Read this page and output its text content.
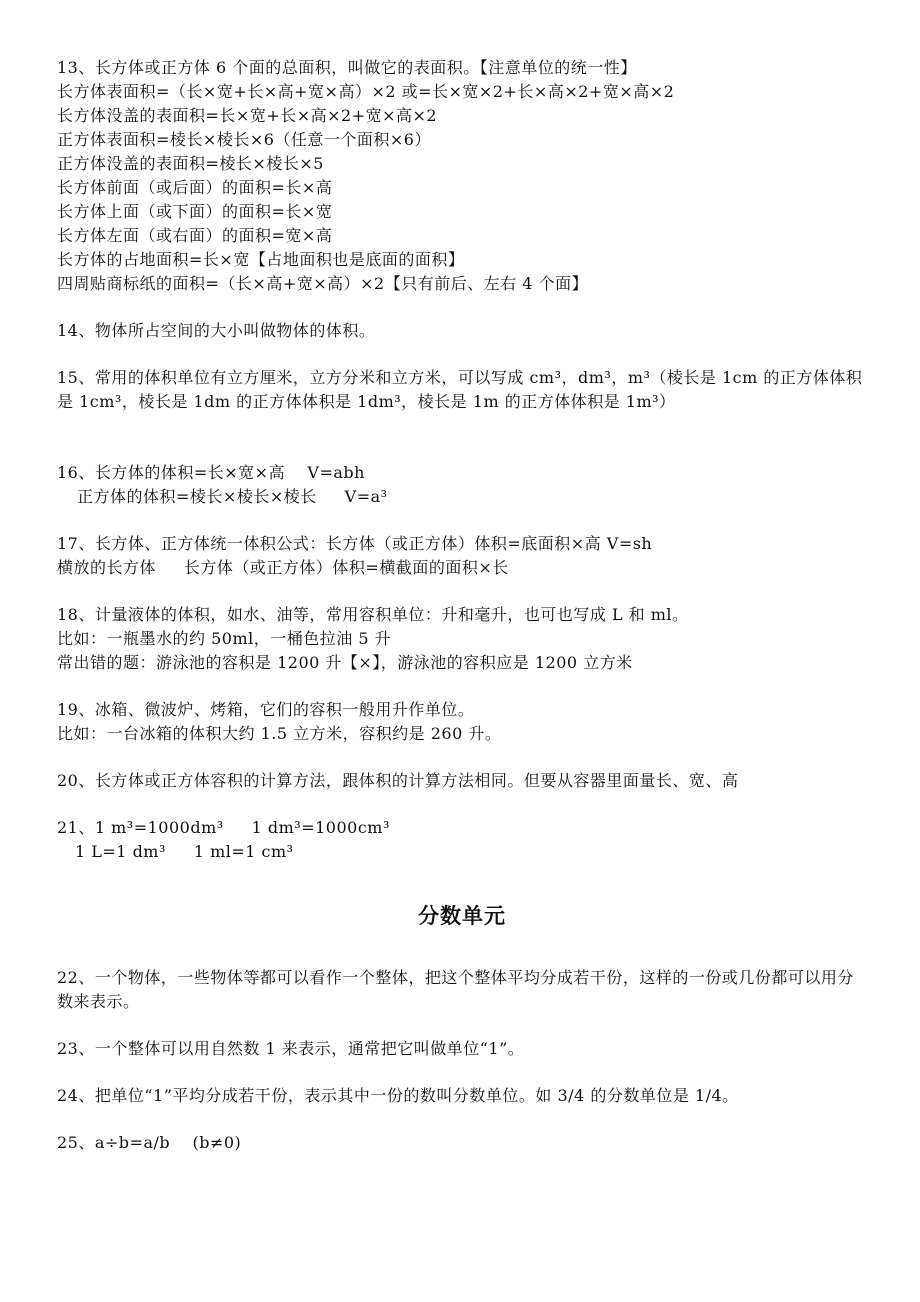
13、长方体或正方体 6 个面的总面积，叫做它的表面积。【注意单位的统一性】
长方体表面积=（长×宽+长×高+宽×高）×2 或=长×宽×2+长×高×2+宽×高×2
长方体没盖的表面积=长×宽+长×高×2+宽×高×2
正方体表面积=棱长×棱长×6（任意一个面积×6）
正方体没盖的表面积=棱长×棱长×5
长方体前面（或后面）的面积=长×高
长方体上面（或下面）的面积=长×宽
长方体左面（或右面）的面积=宽×高
长方体的占地面积=长×宽【占地面积也是底面的面积】
四周贴商标纸的面积=（长×高+宽×高）×2【只有前后、左右 4 个面】
14、物体所占空间的大小叫做物体的体积。
15、常用的体积单位有立方厘米，立方分米和立方米，可以写成 cm³，dm³，m³（棱长是 1cm 的正方体体积是 1cm³，棱长是 1dm 的正方体体积是 1dm³，棱长是 1m 的正方体体积是 1m³）
16、长方体的体积=长×宽×高    V=abh
正方体的体积=棱长×棱长×棱长     V=a³
17、长方体、正方体统一体积公式：长方体（或正方体）体积=底面积×高 V=sh
横放的长方体     长方体（或正方体）体积=横截面的面积×长
18、计量液体的体积，如水、油等，常用容积单位：升和毫升，也可也写成 L 和 ml。
比如：一瓶墨水的约 50ml，一桶色拉油 5 升
常出错的题：游泳池的容积是 1200 升【×】，游泳池的容积应是 1200 立方米
19、冰箱、微波炉、烤箱，它们的容积一般用升作单位。
比如：一台冰箱的体积大约 1.5 立方米，容积约是 260 升。
20、长方体或正方体容积的计算方法，跟体积的计算方法相同。但要从容器里面量长、宽、高
21、1 m³=1000dm³     1 dm³=1000cm³
1 L=1 dm³     1 ml=1 cm³
分数单元
22、一个物体，一些物体等都可以看作一个整体，把这个整体平均分成若干份，这样的一份或几份都可以用分数来表示。
23、一个整体可以用自然数 1 来表示，通常把它叫做单位“1”。
24、把单位“1”平均分成若干份，表示其中一份的数叫分数单位。如 3/4 的分数单位是 1/4。
25、a÷b=a/b    (b≠0)
